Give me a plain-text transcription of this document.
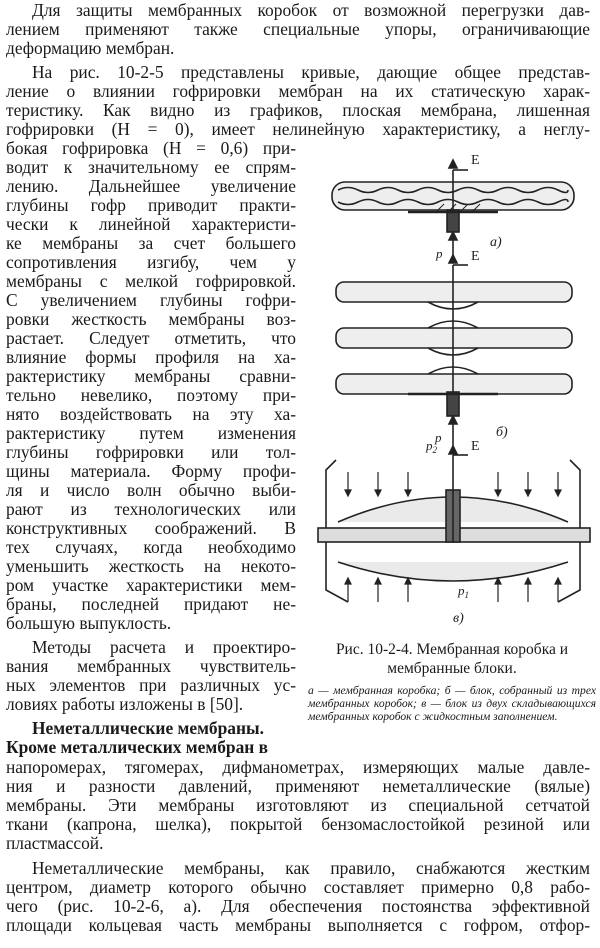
Для защиты мембранных коробок от возможной перегрузки дав-
лением применяют также специальные упоры, ограничивающие
деформацию мембран.
На рис. 10-2-5 представлены кривые, дающие общее представ-
ление о влиянии гофрировки мембран на их статическую харак-
теристику. Как видно из графиков, плоская мембрана, лишенная
гофрировки (H = 0), имеет нелинейную характеристику, а неглу-
бокая гофрировка (H = 0,6) при-
водит к значительному ее спрям-
лению. Дальнейшее увеличение
глубины гофр приводит практи-
чески к линейной характеристи-
ке мембраны за счет большего
сопротивления изгибу, чем у
мембраны с мелкой гофрировкой.
С увеличением глубины гофри-
ровки жесткость мембраны воз-
растает. Следует отметить, что
влияние формы профиля на ха-
рактеристику мембраны сравни-
тельно невелико, поэтому при-
нято воздействовать на эту ха-
рактеристику путем изменения
глубины гофрировки или тол-
щины материала. Форму профи-
ля и число волн обычно выби-
рают из технологических или
конструктивных соображений. В
тех случаях, когда необходимо
уменьшить жесткость на некото-
ром участке характеристики мем-
браны, последней придают не-
большую выпуклость.
Методы расчета и проектиро-
вания мембранных чувствитель-
ных элементов при различных ус-
ловиях работы изложены в [50].
Неметаллические мембраны.
Кроме металлических мембран в
напоромерах, тягомерах, дифманометрах, измеряющих малые давле-
ния и разности давлений, применяют неметаллические (вялые)
мембраны. Эти мембраны изготовляют из специальной сетчатой
ткани (капрона, шелка), покрытой бензомаслостойкой резиной или
пластмассой.
Неметаллические мембраны, как правило, снабжаются жестким
центром, диаметр которого обычно составляет примерно 0,8 рабо-
чего (рис. 10-2-6, а). Для обеспечения постоянства эффективной
площади кольцевая часть мембраны выполняется с гофром, отфор-
E
p
а)
E
p	б)
E
$p_2$
$p_1$
в)
Рис. 10-2-4. Мембранная коробка и мембранные блоки.
а — мембранная коробка; б — блок, собранный из трех мембранных коробок; в — блок из двух складывающихся мембранных коробок с жидкостным заполнением.
